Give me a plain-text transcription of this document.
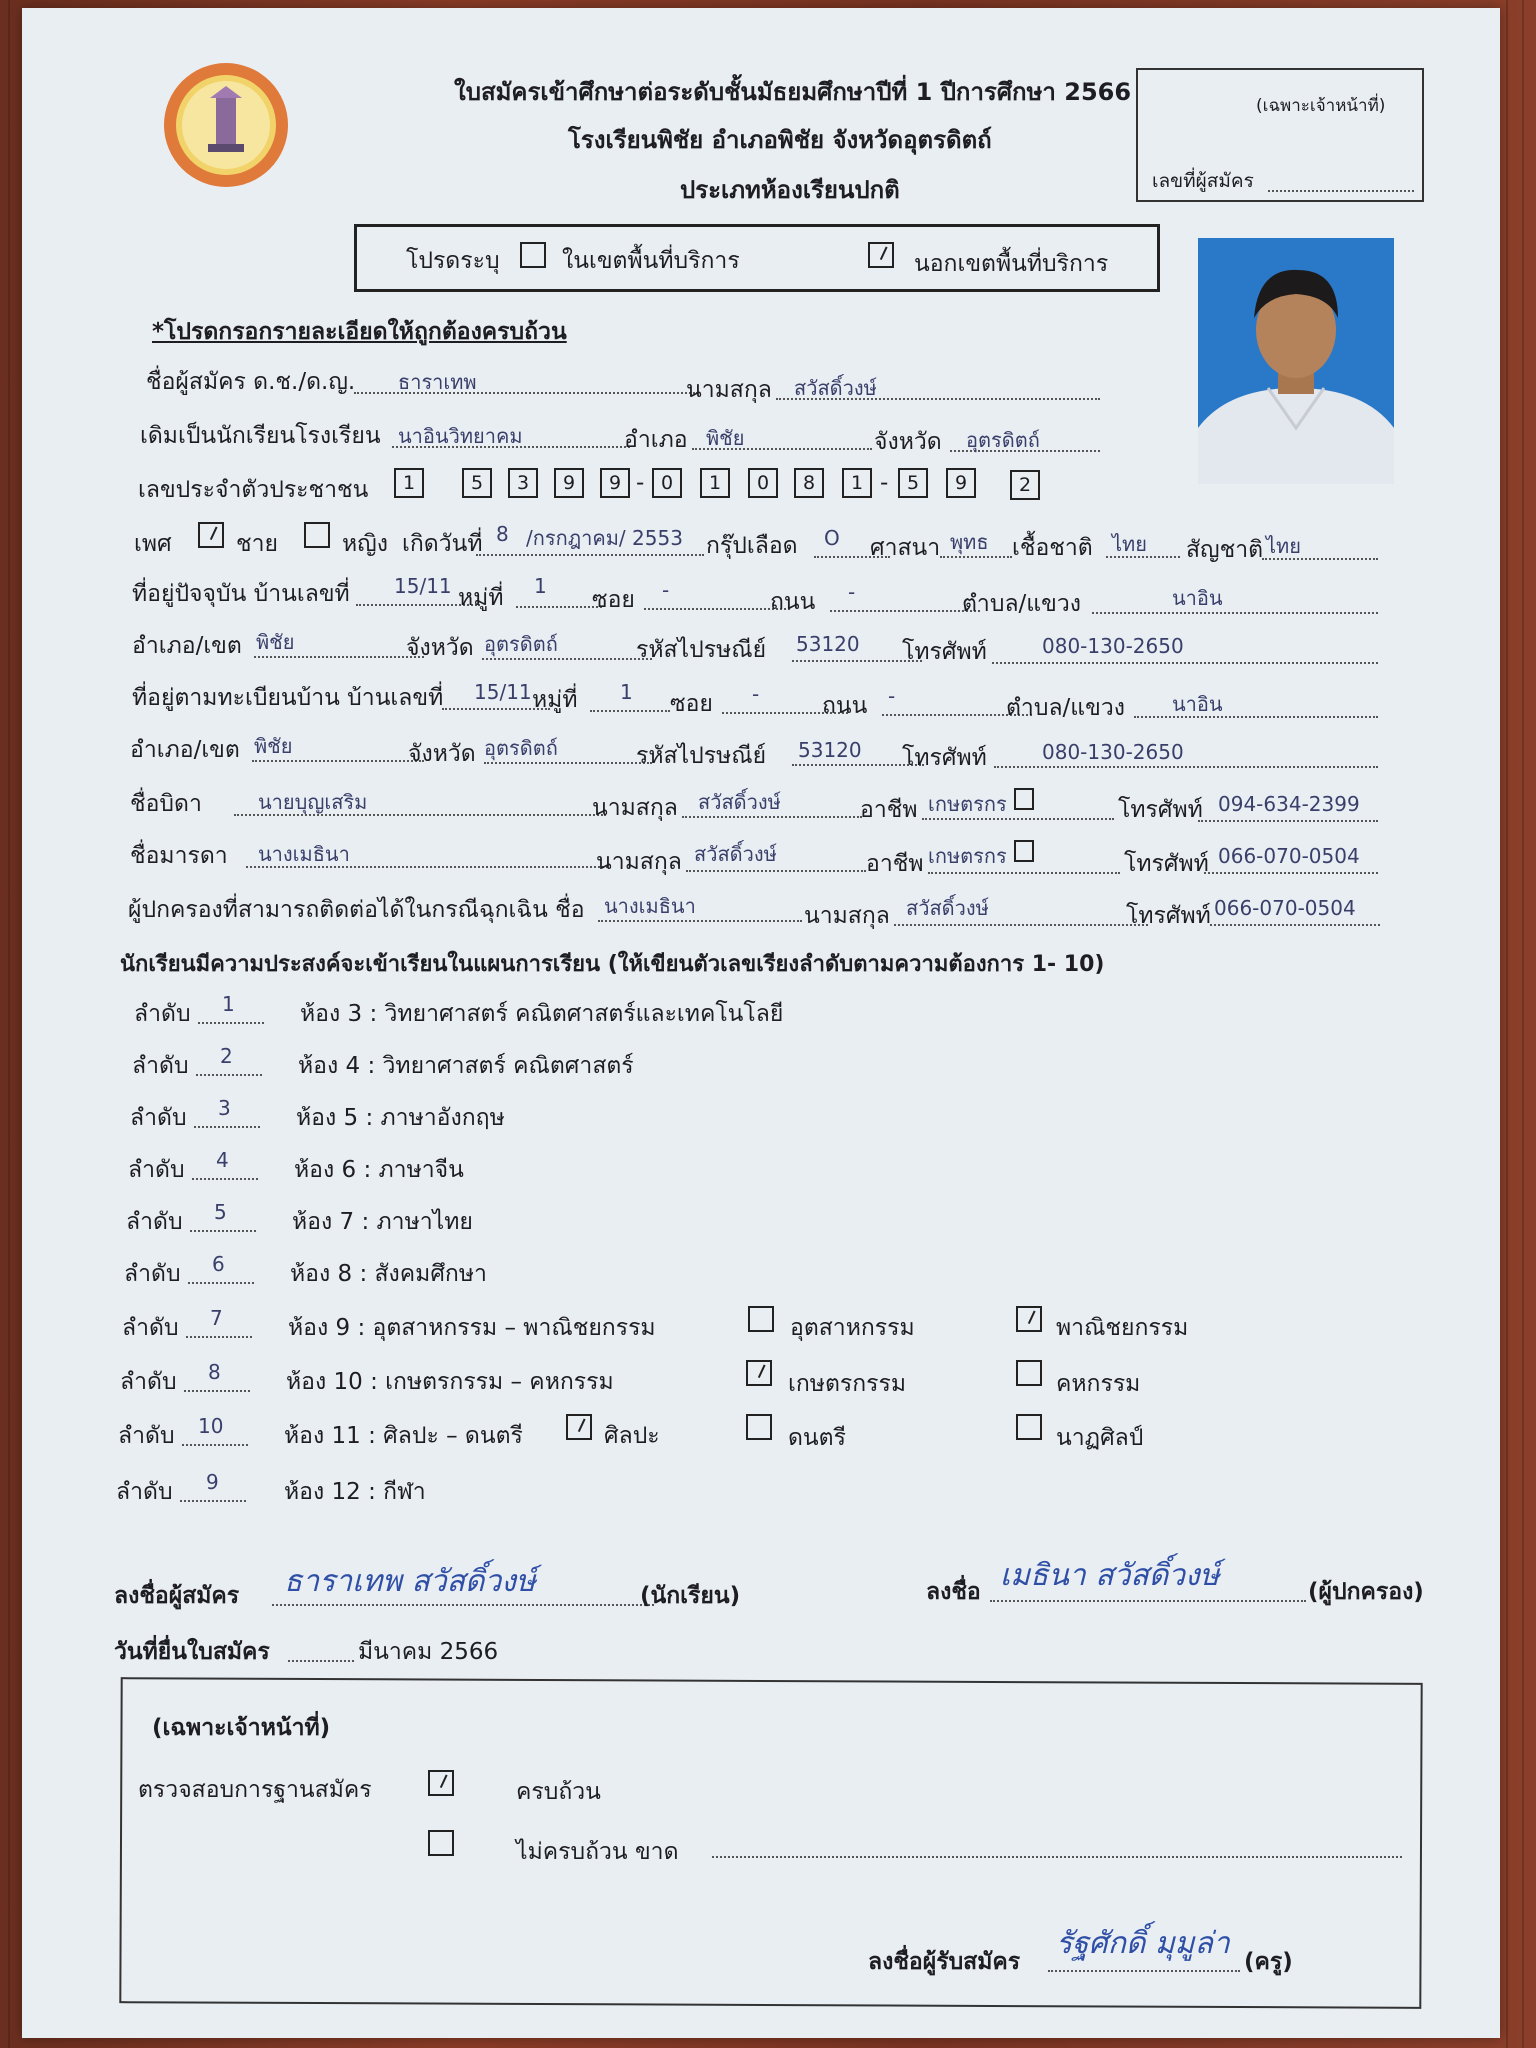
ใบสมัครเข้าศึกษาต่อระดับชั้นมัธยมศึกษาปีที่ 1 ปีการศึกษา 2566
โรงเรียนพิชัย อำเภอพิชัย จังหวัดอุตรดิตถ์
ประเภทห้องเรียนปกติ
(เฉพาะเจ้าหน้าที่)
เลขที่ผู้สมัคร
โปรดระบุ	ในเขตพื้นที่บริการ	นอกเขตพื้นที่บริการ
*โปรดกรอกรายละเอียดให้ถูกต้องครบถ้วน
ชื่อผู้สมัคร ด.ช./ด.ญ. ธาราเทพ	นามสกุล สวัสดิ์วงษ์
เดิมเป็นนักเรียนโรงเรียน นาอินวิทยาคม	อำเภอ พิชัย	จังหวัด อุตรดิตถ์
เลขประจำตัวประชาชน	1	5	3	9	9 - 0	1	0	8	1 - 5	9	2
เพศ	ชาย	หญิง เกิดวันที่ 8 /กรกฎาคม/ 2553 กรุ๊ปเลือด O ศาสนา พุทธ เชื้อชาติ ไทย สัญชาติ ไทย
ที่อยู่ปัจจุบัน บ้านเลขที่ 15/11 หมู่ที่ 1
ซอย -	ถนน -	ตำบล/แขวง	นาอิน
อำเภอ/เขต พิชัย	จังหวัด อุตรดิตถ์	รหัสไปรษณีย์ 53120 โทรศัพท์	080-130-2650
ที่อยู่ตามทะเบียนบ้าน บ้านเลขที่ 15/11 หมู่ที่ 1 ซอย -	ถนน -	ตำบล/แขวง นาอิน
อำเภอ/เขต พิชัย	จังหวัด อุตรดิตถ์	รหัสไปรษณีย์ 53120 โทรศัพท์	080-130-2650
ชื่อบิดา	นายบุญเสริม	นามสกุล สวัสดิ์วงษ์	อาชีพ เกษตรกร	โทรศัพท์ 094-634-2399
ชื่อมารดา นางเมธินา	นามสกุล สวัสดิ์วงษ์	อาชีพ เกษตรกร	โทรศัพท์ 066-070-0504
ผู้ปกครองที่สามารถติดต่อได้ในกรณีฉุกเฉิน ชื่อ นางเมธินา	นามสกุล สวัสดิ์วงษ์	โทรศัพท์ 066-070-0504
นักเรียนมีความประสงค์จะเข้าเรียนในแผนการเรียน (ให้เขียนตัวเลขเรียงลำดับตามความต้องการ 1- 10)
ลำดับ 1	ห้อง 3 : วิทยาศาสตร์ คณิตศาสตร์และเทคโนโลยี
ลำดับ 2	ห้อง 4 : วิทยาศาสตร์ คณิตศาสตร์
ลำดับ 3	ห้อง 5 : ภาษาอังกฤษ
ลำดับ 4	ห้อง 6 : ภาษาจีน
ลำดับ 5	ห้อง 7 : ภาษาไทย
ลำดับ 6	ห้อง 8 : สังคมศึกษา
ลำดับ 7	ห้อง 9 : อุตสาหกรรม – พาณิชยกรรม	อุตสาหกรรม	พาณิชยกรรม
ลำดับ 8	ห้อง 10 : เกษตรกรรม – คหกรรม	เกษตรกรรม	คหกรรม
ลำดับ 10	ห้อง 11 : ศิลปะ – ดนตรี	ศิลปะ	ดนตรี	นาฏศิลป์
ลำดับ 9	ห้อง 12 : กีฬา
ลงชื่อผู้สมัคร ธาราเทพ สวัสดิ์วงษ์	(นักเรียน)	ลงชื่อ เมธินา สวัสดิ์วงษ์	(ผู้ปกครอง)
วันที่ยื่นใบสมัคร	มีนาคม 2566
(เฉพาะเจ้าหน้าที่)
ตรวจสอบการฐานสมัคร	ครบถ้วน
ไม่ครบถ้วน ขาด
ลงชื่อผู้รับสมัคร
รัฐศักดิ์ มุมูล่า
(ครู)
